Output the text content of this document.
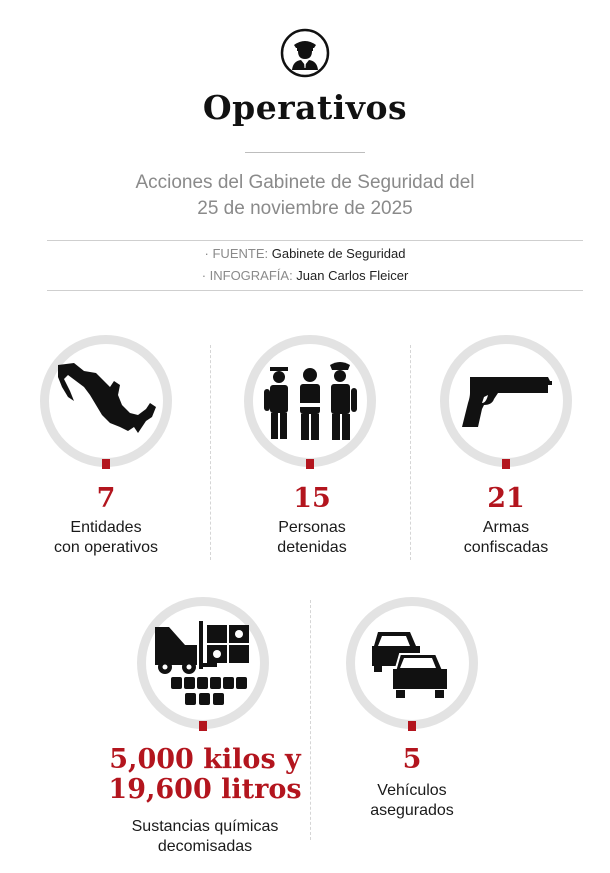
Operativos
Acciones del Gabinete de Seguridad del
25 de noviembre de 2025
· FUENTE: Gabinete de Seguridad
· INFOGRAFÍA: Juan Carlos Fleicer
7
Entidades
con operativos
15
Personas
detenidas
21
Armas
confiscadas
5,000 kilos y
19,600 litros
Sustancias químicas
decomisadas
5
Vehículos
asegurados
